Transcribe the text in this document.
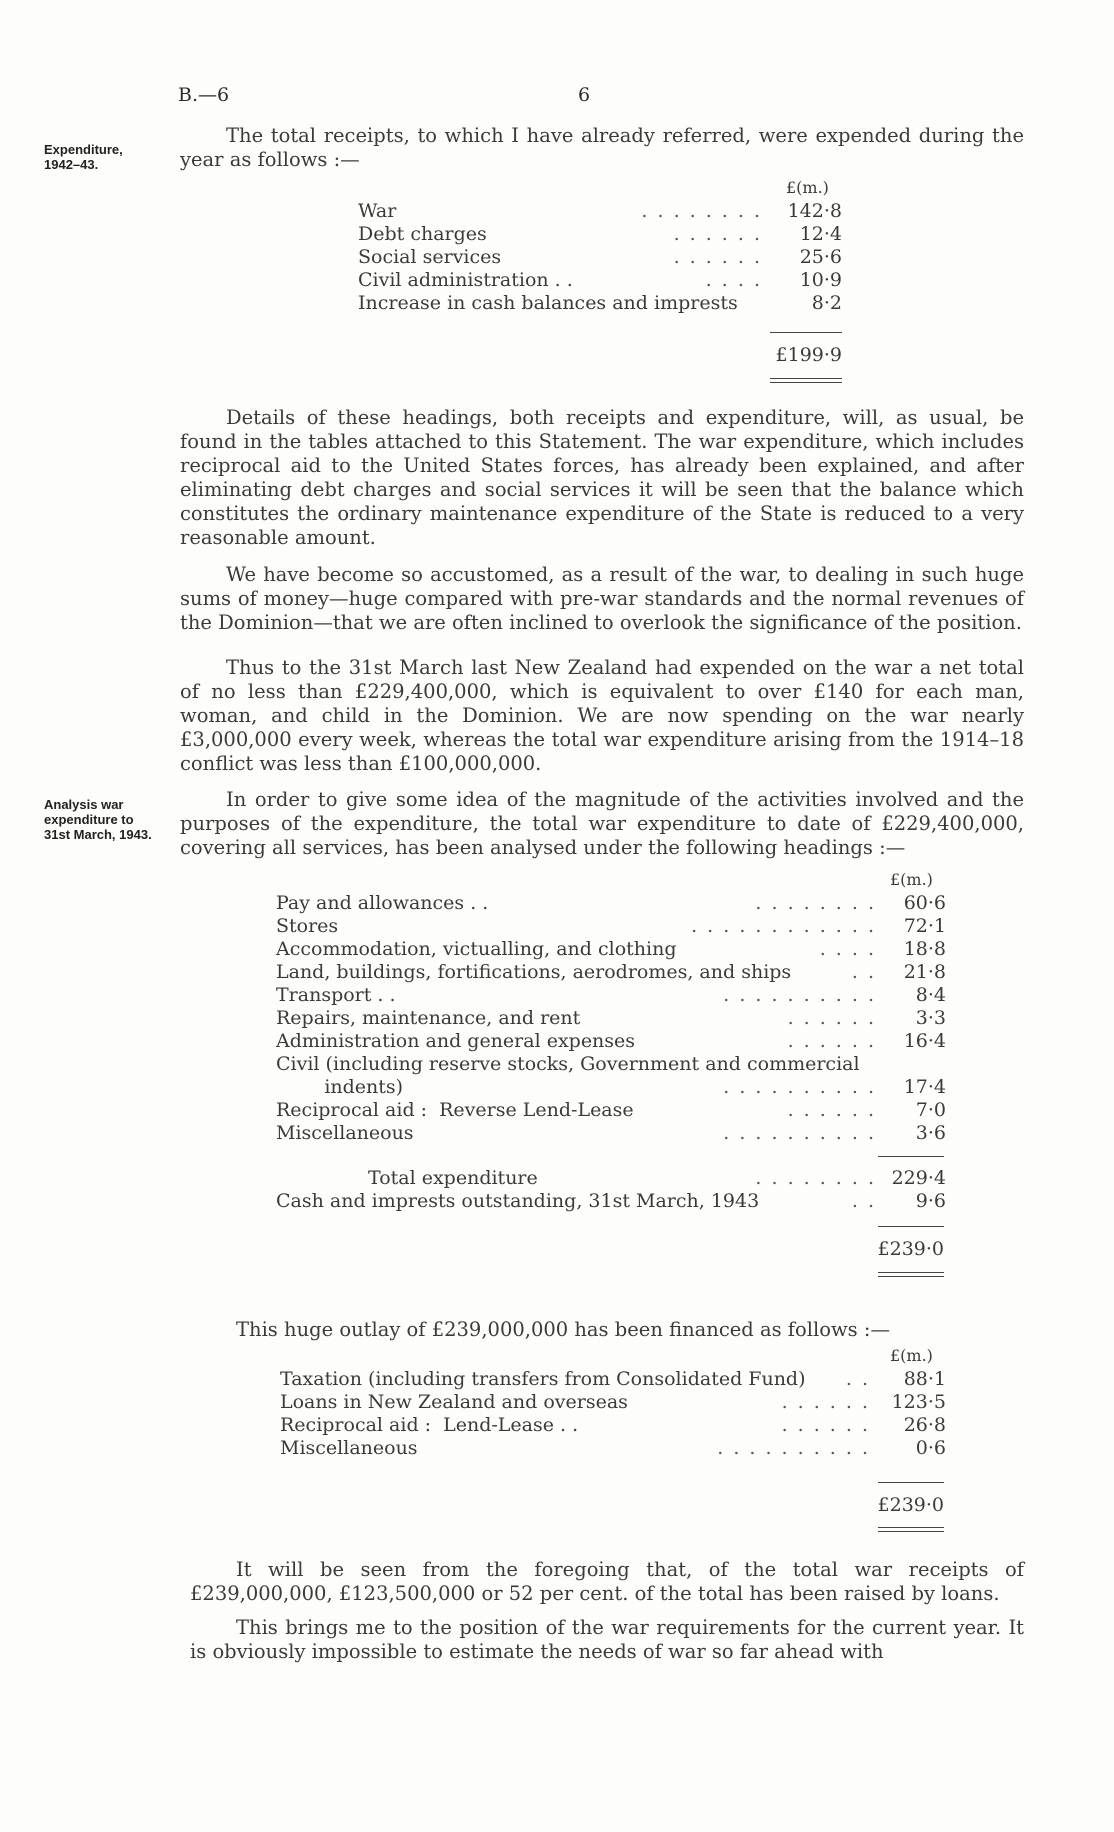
B.—6	6
Expenditure,
1942–43.
The total receipts, to which I have already referred, were expended during the year as follows :—
£(m.)
War	. . . . . . . .	142·8
Debt charges	. . . . . .	12·4
Social services	. . . . . .	25·6
Civil administration . .	. . . .	10·9
Increase in cash balances and imprests	8·2
£199·9
Details of these headings, both receipts and expenditure, will, as usual, be found in the tables attached to this Statement. The war expenditure, which includes reciprocal aid to the United States forces, has already been explained, and after eliminating debt charges and social services it will be seen that the balance which constitutes the ordinary maintenance expenditure of the State is reduced to a very reasonable amount.
We have become so accustomed, as a result of the war, to dealing in such huge sums of money—huge compared with pre-war standards and the normal revenues of the Dominion—that we are often inclined to overlook the significance of the position.
Thus to the 31st March last New Zealand had expended on the war a net total of no less than £229,400,000, which is equivalent to over £140 for each man, woman, and child in the Dominion. We are now spending on the war nearly £3,000,000 every week, whereas the total war expenditure arising from the 1914–18 conflict was less than £100,000,000.
Analysis war
expenditure to
31st March, 1943.
In order to give some idea of the magnitude of the activities involved and the purposes of the expenditure, the total war expenditure to date of £229,400,000, covering all services, has been analysed under the following headings :—
£(m.)
Pay and allowances . .	. . . . . . . .	60·6
Stores	. . . . . . . . . . . .	72·1
Accommodation, victualling, and clothing	. . . .	18·8
Land, buildings, fortifications, aerodromes, and ships	. .	21·8
Transport . .	. . . . . . . . . .	8·4
Repairs, maintenance, and rent	. . . . . .	3·3
Administration and general expenses	. . . . . .	16·4
Civil (including reserve stocks, Government and commercial
indents)	. . . . . . . . . .	17·4
Reciprocal aid :  Reverse Lend-Lease	. . . . . .	7·0
Miscellaneous	. . . . . . . . . .	3·6
Total expenditure	. . . . . . . . 229·4
Cash and imprests outstanding, 31st March, 1943	. .	9·6
£239·0
This huge outlay of £239,000,000 has been financed as follows :—
£(m.)
Taxation (including transfers from Consolidated Fund)	. .	88·1
Loans in New Zealand and overseas	. . . . . .	123·5
Reciprocal aid :  Lend-Lease . .	. . . . . .	26·8
Miscellaneous	. . . . . . . . . .	0·6
£239·0
It will be seen from the foregoing that, of the total war receipts of £239,000,000, £123,500,000 or 52 per cent. of the total has been raised by loans.
This brings me to the position of the war requirements for the current year. It is obviously impossible to estimate the needs of war so far ahead with
